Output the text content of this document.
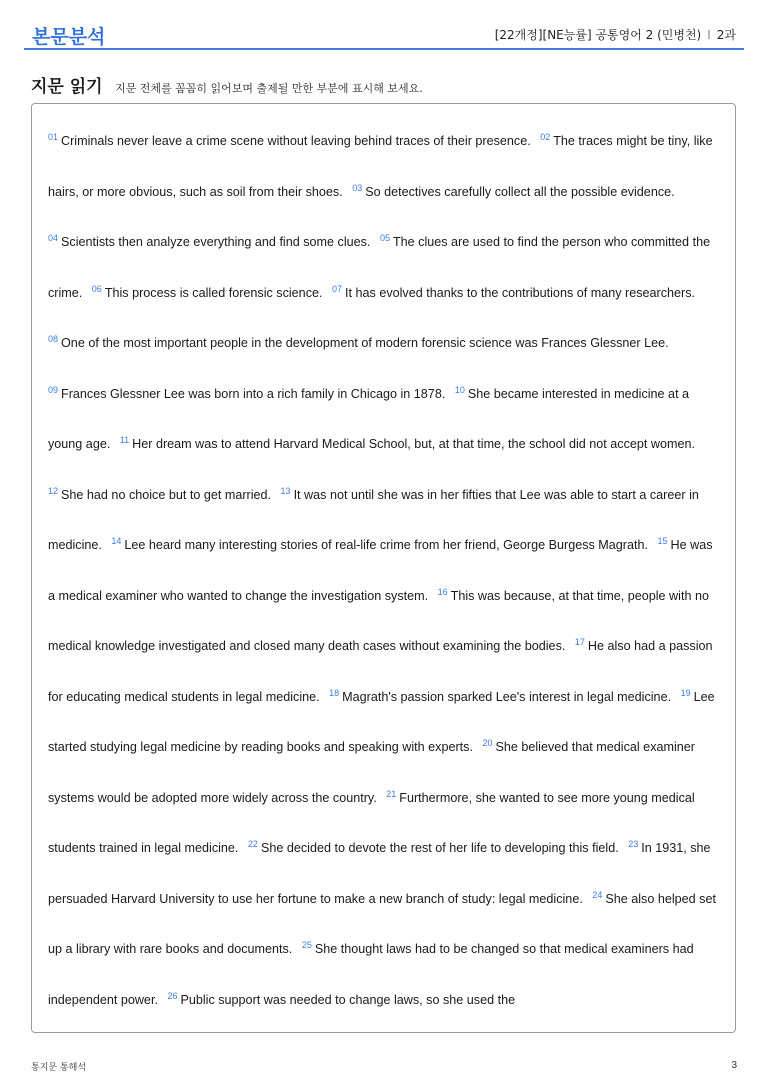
본문분석	[22개정][NE능률] 공통영어 2 (민병천) I 2과
지문 읽기 지문 전체를 꼼꼼히 읽어보며 출제될 만한 부분에 표시해 보세요.
$^{01}$ Criminals never leave a crime scene without leaving behind traces of their presence. $^{02}$ The traces might be tiny, like hairs, or more obvious, such as soil from their shoes. $^{03}$ So detectives carefully collect all the possible evidence. $^{04}$ Scientists then analyze everything and find some clues. $^{05}$ The clues are used to find the person who committed the crime. $^{06}$ This process is called forensic science. $^{07}$ It has evolved thanks to the contributions of many researchers. $^{08}$ One of the most important people in the development of modern forensic science was Frances Glessner Lee. $^{09}$ Frances Glessner Lee was born into a rich family in Chicago in 1878. $^{10}$ She became interested in medicine at a young age. $^{11}$ Her dream was to attend Harvard Medical School, but, at that time, the school did not accept women. $^{12}$ She had no choice but to get married. $^{13}$ It was not until she was in her fifties that Lee was able to start a career in medicine. $^{14}$ Lee heard many interesting stories of real-life crime from her friend, George Burgess Magrath. $^{15}$ He was a medical examiner who wanted to change the investigation system. $^{16}$ This was because, at that time, people with no medical knowledge investigated and closed many death cases without examining the bodies. $^{17}$ He also had a passion for educating medical students in legal medicine. $^{18}$ Magrath's passion sparked Lee's interest in legal medicine. $^{19}$ Lee started studying legal medicine by reading books and speaking with experts. $^{20}$ She believed that medical examiner systems would be adopted more widely across the country. $^{21}$ Furthermore, she wanted to see more young medical students trained in legal medicine. $^{22}$ She decided to devote the rest of her life to developing this field. $^{23}$ In 1931, she persuaded Harvard University to use her fortune to make a new branch of study: legal medicine. $^{24}$ She also helped set up a library with rare books and documents. $^{25}$ She thought laws had to be changed so that medical examiners had independent power. $^{26}$ Public support was needed to change laws, so she used the
통지문 통해석	3
